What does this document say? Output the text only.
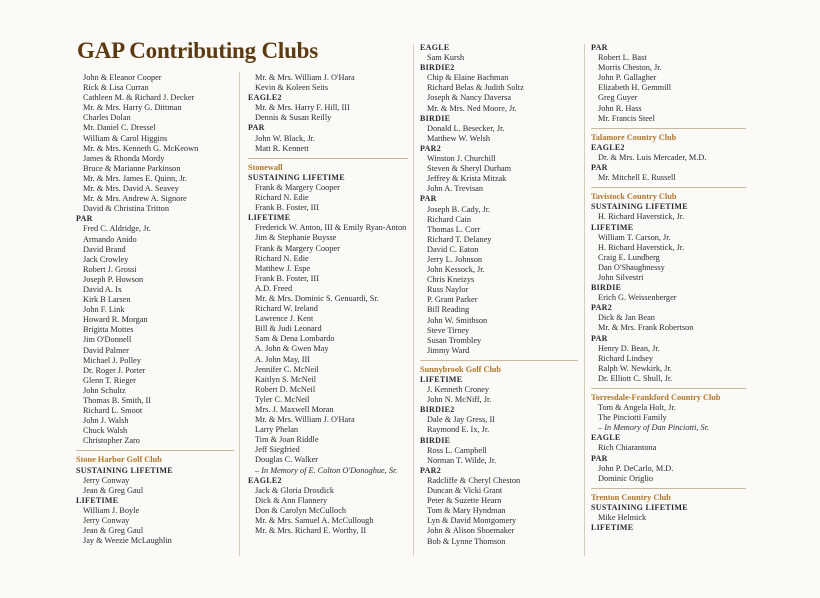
GAP Contributing Clubs
John & Eleanor Cooper
Rick & Lisa Curran
Cathleen M. & Richard J. Decker
Mr. & Mrs. Harry G. Dittman
Charles Dolan
Mr. Daniel C. Dressel
William & Carol Higgins
Mr. & Mrs. Kenneth G. McKeown
James & Rhonda Mordy
Bruce & Marianne Parkinson
Mr. & Mrs. James E. Quinn, Jr.
Mr. & Mrs. David A. Seavey
Mr. & Mrs. Andrew A. Signore
David & Christina Tritton
PAR
Fred C. Aldridge, Jr.
Armando Anido
David Brand
Jack Crowley
Robert J. Grossi
Joseph P. Howson
David A. Ix
Kirk B Larsen
John F. Link
Howard R. Morgan
Brigitta Mottes
Jim O'Donnell
David Palmer
Michael J. Polley
Dr. Roger J. Porter
Glenn T. Rieger
John Schultz
Thomas B. Smith, II
Richard L. Smoot
John J. Walsh
Chuck Walsh
Christopher Zaro
Stone Harbor Golf Club
SUSTAINING LIFETIME
Jerry Conway
Jean & Greg Gaul
LIFETIME
William J. Boyle
Jerry Conway
Jean & Greg Gaul
Jay & Weezie McLaughlin
Mr. & Mrs. William J. O'Hara
Kevin & Koleen Seits
EAGLE2
Mr. & Mrs. Harry F. Hill, III
Dennis & Susan Reilly
PAR
John W. Black, Jr.
Matt R. Kennett
Stonewall
SUSTAINING LIFETIME
Frank & Margery Cooper
Richard N. Edie
Frank B. Foster, III
LIFETIME
Frederick W. Anton, III & Emily Ryan-Anton
Jim & Stephanie Buysse
Frank & Margery Cooper
Richard N. Edie
Matthew J. Espe
Frank B. Foster, III
A.D. Freed
Mr. & Mrs. Dominic S. Genuardi, Sr.
Richard W. Ireland
Lawrence J. Kent
Bill & Judi Leonard
Sam & Dena Lombardo
A. John & Gwen May
A. John May, III
Jennifer C. McNeil
Kaitlyn S. McNeil
Robert D. McNeil
Tyler C. McNeil
Mrs. J. Maxwell Moran
Mr. & Mrs. William J. O'Hara
Larry Phelan
Tim & Joan Riddle
Jeff Siegfried
Douglas C. Walker
– In Memory of E. Colton O'Donoghue, Sr.
EAGLE2
Jack & Gloria Drosdick
Dick & Ann Flannery
Don & Carolyn McCulloch
Mr. & Mrs. Samuel A. McCullough
Mr. & Mrs. Richard E. Worthy, II
EAGLE
Sam Kursh
BIRDIE2
Chip & Elaine Bachman
Richard Belas & Judith Soltz
Joseph & Nancy Daversa
Mr. & Mrs. Ned Moore, Jr.
BIRDIE
Donald L. Besecker, Jr.
Matthew W. Welsh
PAR2
Winston J. Churchill
Steven & Sheryl Durham
Jeffrey & Krista Mitzak
John A. Trevisan
PAR
Joseph B. Cady, Jr.
Richard Cain
Thomas L. Corr
Richard T. Delaney
David C. Eaton
Jerry L. Johnson
John Kessock, Jr.
Chris Kneizys
Russ Naylor
P. Grant Parker
Bill Reading
John W. Smithson
Steve Tirney
Susan Trombley
Jimmy Ward
Sunnybrook Golf Club
LIFETIME
J. Kenneth Croney
John N. McNiff, Jr.
BIRDIE2
Dale & Jay Gress, II
Raymond E. Ix, Jr.
BIRDIE
Ross L. Campbell
Norman T. Wilde, Jr.
PAR2
Radcliffe & Cheryl Cheston
Duncan & Vicki Grant
Peter & Suzette Hearn
Tom & Mary Hyndman
Lyn & David Montgomery
John & Alison Shoemaker
Bob & Lynne Thomson
PAR
Robert L. Bast
Morris Cheston, Jr.
John P. Gallagher
Elizabeth H. Gemmill
Greg Guyer
John R. Hass
Mr. Francis Steel
Talamore Country Club
EAGLE2
Dr. & Mrs. Luis Mercader, M.D.
PAR
Mr. Mitchell E. Russell
Tavistock Country Club
SUSTAINING LIFETIME
H. Richard Haverstick, Jr.
LIFETIME
William T. Carson, Jr.
H. Richard Haverstick, Jr.
Craig E. Lundberg
Dan O'Shaughnessy
John Silvestri
BIRDIE
Erich G. Weissenberger
PAR2
Dick & Jan Bean
Mr. & Mrs. Frank Robertson
PAR
Henry D. Bean, Jr.
Richard Lindsey
Ralph W. Newkirk, Jr.
Dr. Elliott C. Shull, Jr.
Torresdale-Frankford Country Club
Tom & Angela Holt, Jr.
The Pinciotti Family
– In Memory of Dan Pinciotti, Sr.
EAGLE
Rich Chiarantona
PAR
John P. DeCarlo, M.D.
Dominic Origlio
Trenton Country Club
SUSTAINING LIFETIME
Mike Helmick
LIFETIME
